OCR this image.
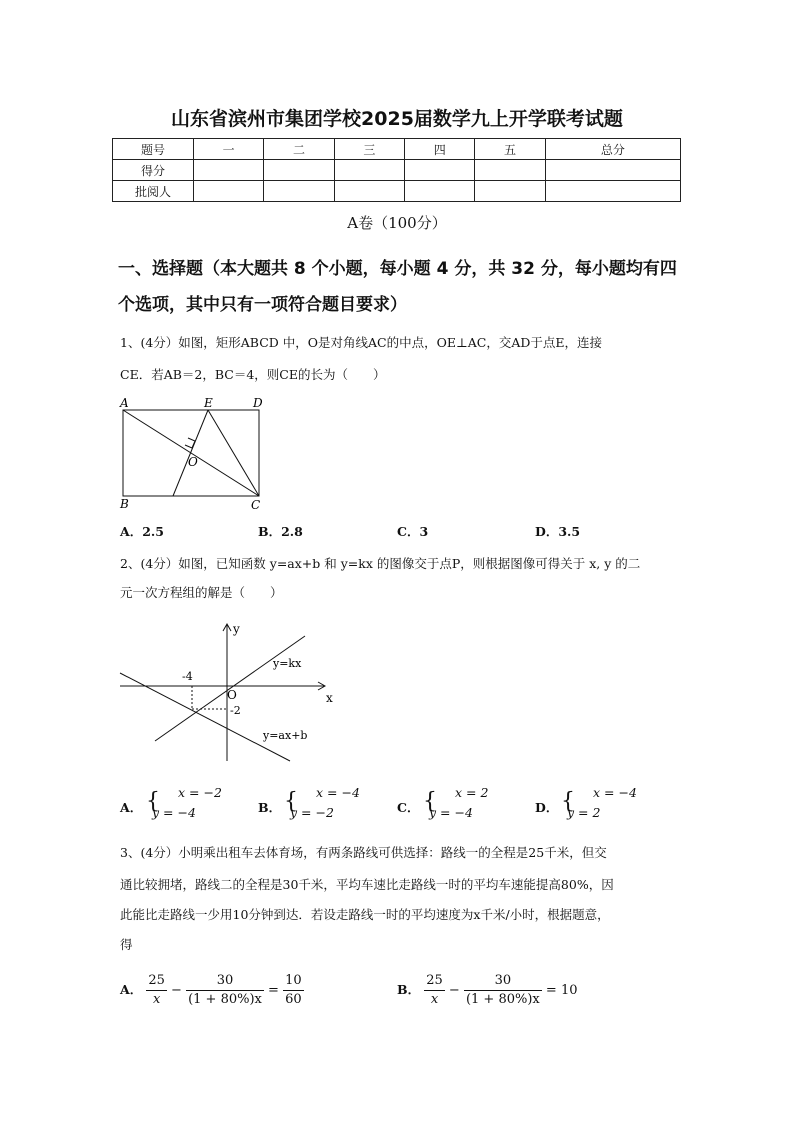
山东省滨州市集团学校2025届数学九上开学联考试题
题号	一	二	三	四	五	总分
得分						
批阅人						
A卷（100分）
一、选择题（本大题共 8 个小题，每小题 4 分，共 32 分，每小题均有四个选项，其中只有一项符合题目要求）
1、(4分）如图，矩形ABCD 中，O是对角线AC的中点，OE⊥AC，交AD于点E，连接
CE．若AB＝2，BC＝4，则CE的长为（　　）
A	E	D
B	C
O
A．2.5	B．2.8	C．3	D．3.5
2、(4分）如图，已知函数 y=ax+b 和 y=kx 的图像交于点P，则根据图像可得关于 x, y 的二
元一次方程组的解是（　　）
y
x
O
-4
-2
y=kx
y=ax+b
A． { x = −2
y = −4	B． { x = −4
y = −2	C． { x = 2
y = −4	D． { x = −4
y = 2
3、(4分）小明乘出租车去体育场，有两条路线可供选择：路线一的全程是25千米，但交
通比较拥堵，路线二的全程是30千米，平均车速比走路线一时的平均车速能提高80%，因
此能比走路线一少用10分钟到达．若设走路线一时的平均速度为x千米/小时，根据题意，
得
A． $\frac{25}{x} - \frac{30}{(1 + 80\%)x} = \frac{10}{60}$	B． $\frac{25}{x} - \frac{30}{(1 + 80\%)x} = 10$
